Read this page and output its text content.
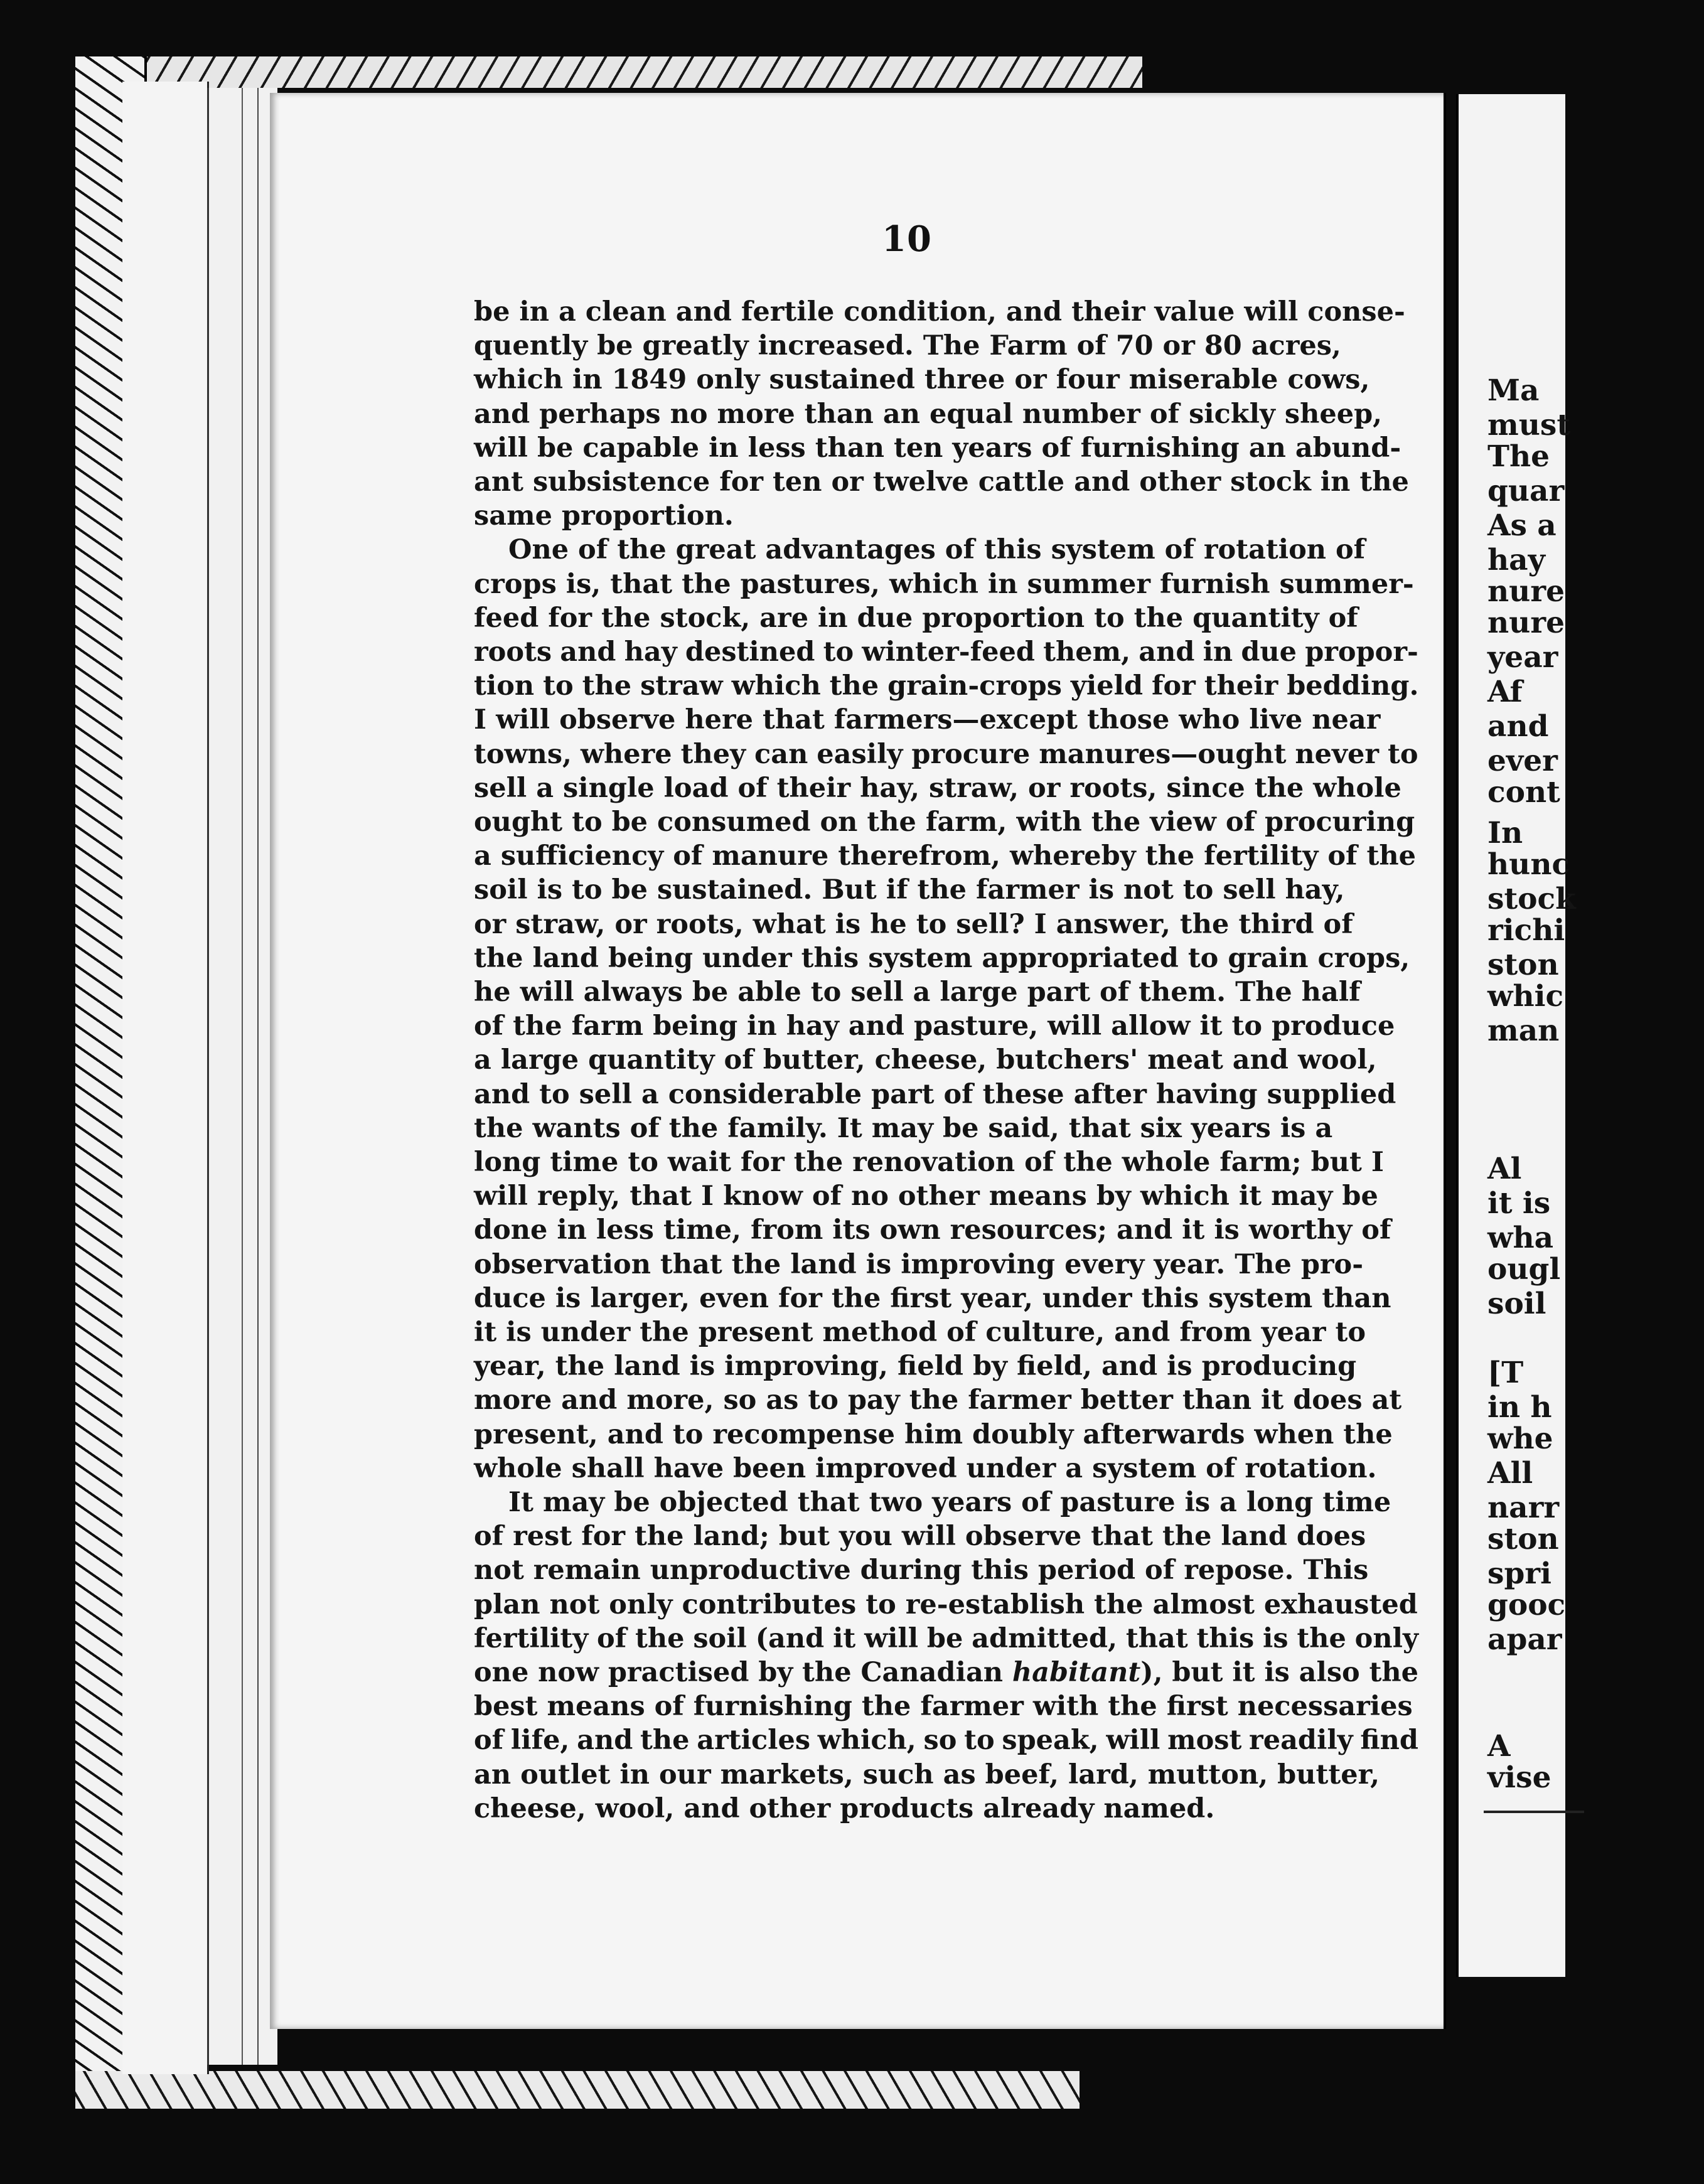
10
be in a clean and fertile condition, and their value will conse-
quently be greatly increased. The Farm of 70 or 80 acres,
which in 1849 only sustained three or four miserable cows,
and perhaps no more than an equal number of sickly sheep,
will be capable in less than ten years of furnishing an abund-
ant subsistence for ten or twelve cattle and other stock in the
same proportion.
One of the great advantages of this system of rotation of
crops is, that the pastures, which in summer furnish summer-
feed for the stock, are in due proportion to the quantity of
roots and hay destined to winter-feed them, and in due propor-
tion to the straw which the grain-crops yield for their bedding.
I will observe here that farmers—except those who live near
towns, where they can easily procure manures—ought never to
sell a single load of their hay, straw, or roots, since the whole
ought to be consumed on the farm, with the view of procuring
a sufficiency of manure therefrom, whereby the fertility of the
soil is to be sustained. But if the farmer is not to sell hay,
or straw, or roots, what is he to sell? I answer, the third of
the land being under this system appropriated to grain crops,
he will always be able to sell a large part of them. The half
of the farm being in hay and pasture, will allow it to produce
a large quantity of butter, cheese, butchers' meat and wool,
and to sell a considerable part of these after having supplied
the wants of the family. It may be said, that six years is a
long time to wait for the renovation of the whole farm; but I
will reply, that I know of no other means by which it may be
done in less time, from its own resources; and it is worthy of
observation that the land is improving every year. The pro-
duce is larger, even for the first year, under this system than
it is under the present method of culture, and from year to
year, the land is improving, field by field, and is producing
more and more, so as to pay the farmer better than it does at
present, and to recompense him doubly afterwards when the
whole shall have been improved under a system of rotation.
It may be objected that two years of pasture is a long time
of rest for the land; but you will observe that the land does
not remain unproductive during this period of repose. This
plan not only contributes to re-establish the almost exhausted
fertility of the soil (and it will be admitted, that this is the only
one now practised by the Canadian habitant), but it is also the
best means of furnishing the farmer with the first necessaries
of life, and the articles which, so to speak, will most readily find
an outlet in our markets, such as beef, lard, mutton, butter,
cheese, wool, and other products already named.
Ma
must
The
quar
As a
hay
nure
nure
year
Af
and
ever
cont
In
hunc
stock
richi
ston
whic
man
Al
it is
wha
ougl
soil
[T
in h
whe
All
narr
ston
spri
gooc
apar
A
vise
